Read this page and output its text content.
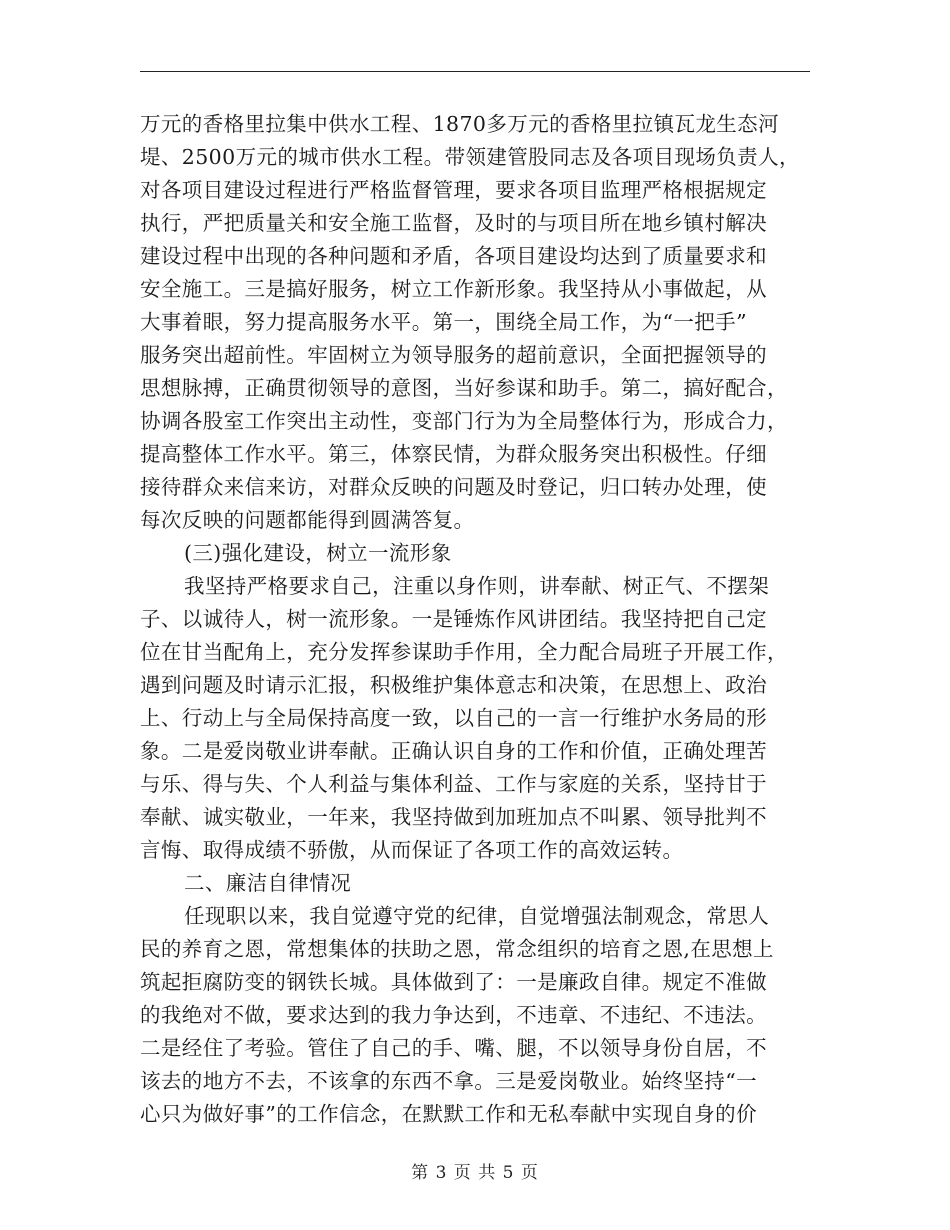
万元的香格里拉集中供水工程、1870多万元的香格里拉镇瓦龙生态河
堤、2500万元的城市供水工程。带领建管股同志及各项目现场负责人，
对各项目建设过程进行严格监督管理，要求各项目监理严格根据规定
执行，严把质量关和安全施工监督，及时的与项目所在地乡镇村解决
建设过程中出现的各种问题和矛盾，各项目建设均达到了质量要求和
安全施工。三是搞好服务，树立工作新形象。我坚持从小事做起，从
大事着眼，努力提高服务水平。第一，围绕全局工作，为“一把手”
服务突出超前性。牢固树立为领导服务的超前意识，全面把握领导的
思想脉搏，正确贯彻领导的意图，当好参谋和助手。第二，搞好配合，
协调各股室工作突出主动性，变部门行为为全局整体行为，形成合力，
提高整体工作水平。第三，体察民情，为群众服务突出积极性。仔细
接待群众来信来访，对群众反映的问题及时登记，归口转办处理，使
每次反映的问题都能得到圆满答复。
(三)强化建设，树立一流形象
我坚持严格要求自己，注重以身作则，讲奉献、树正气、不摆架
子、以诚待人，树一流形象。一是锤炼作风讲团结。我坚持把自己定
位在甘当配角上，充分发挥参谋助手作用，全力配合局班子开展工作，
遇到问题及时请示汇报，积极维护集体意志和决策，在思想上、政治
上、行动上与全局保持高度一致，以自己的一言一行维护水务局的形
象。二是爱岗敬业讲奉献。正确认识自身的工作和价值，正确处理苦
与乐、得与失、个人利益与集体利益、工作与家庭的关系，坚持甘于
奉献、诚实敬业，一年来，我坚持做到加班加点不叫累、领导批判不
言悔、取得成绩不骄傲，从而保证了各项工作的高效运转。
二、廉洁自律情况
任现职以来，我自觉遵守党的纪律，自觉增强法制观念，常思人
民的养育之恩，常想集体的扶助之恩，常念组织的培育之恩,在思想上
筑起拒腐防变的钢铁长城。具体做到了：一是廉政自律。规定不准做
的我绝对不做，要求达到的我力争达到，不违章、不违纪、不违法。
二是经住了考验。管住了自己的手、嘴、腿，不以领导身份自居，不
该去的地方不去，不该拿的东西不拿。三是爱岗敬业。始终坚持“一
心只为做好事”的工作信念，在默默工作和无私奉献中实现自身的价
第 3 页 共 5 页
